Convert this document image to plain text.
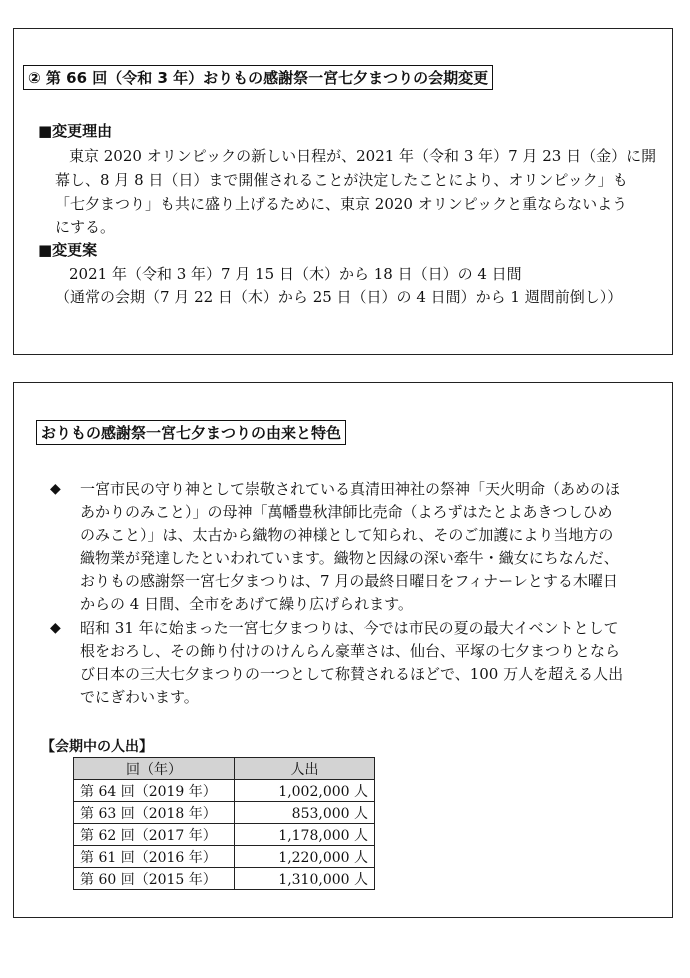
② 第 66 回（令和 3 年）おりもの感謝祭一宮七夕まつりの会期変更
■変更理由
東京 2020 オリンピックの新しい日程が、2021 年（令和 3 年）7 月 23 日（金）に開
幕し、8 月 8 日（日）まで開催されることが決定したことにより、オリンピック」も
「七夕まつり」も共に盛り上げるために、東京 2020 オリンピックと重ならないよう
にする。
■変更案
2021 年（令和 3 年）7 月 15 日（木）から 18 日（日）の 4 日間
（通常の会期（7 月 22 日（木）から 25 日（日）の 4 日間）から 1 週間前倒し））
おりもの感謝祭一宮七夕まつりの由来と特色
◆ 一宮市民の守り神として崇敬されている真清田神社の祭神「天火明命（あめのほ
あかりのみこと）」の母神「萬幡豊秋津師比売命（よろずはたとよあきつしひめ
のみこと）」は、太古から織物の神様として知られ、そのご加護により当地方の
織物業が発達したといわれています。織物と因縁の深い牽牛・織女にちなんだ、
おりもの感謝祭一宮七夕まつりは、7 月の最終日曜日をフィナーレとする木曜日
からの 4 日間、全市をあげて繰り広げられます。
◆ 昭和 31 年に始まった一宮七夕まつりは、今では市民の夏の最大イベントとして
根をおろし、その飾り付けのけんらん豪華さは、仙台、平塚の七夕まつりとなら
び日本の三大七夕まつりの一つとして称賛されるほどで、100 万人を超える人出
でにぎわいます。
【会期中の人出】
回（年）	人出
第 64 回（2019 年）	1,002,000 人
第 63 回（2018 年）	853,000 人
第 62 回（2017 年）	1,178,000 人
第 61 回（2016 年）	1,220,000 人
第 60 回（2015 年）	1,310,000 人
